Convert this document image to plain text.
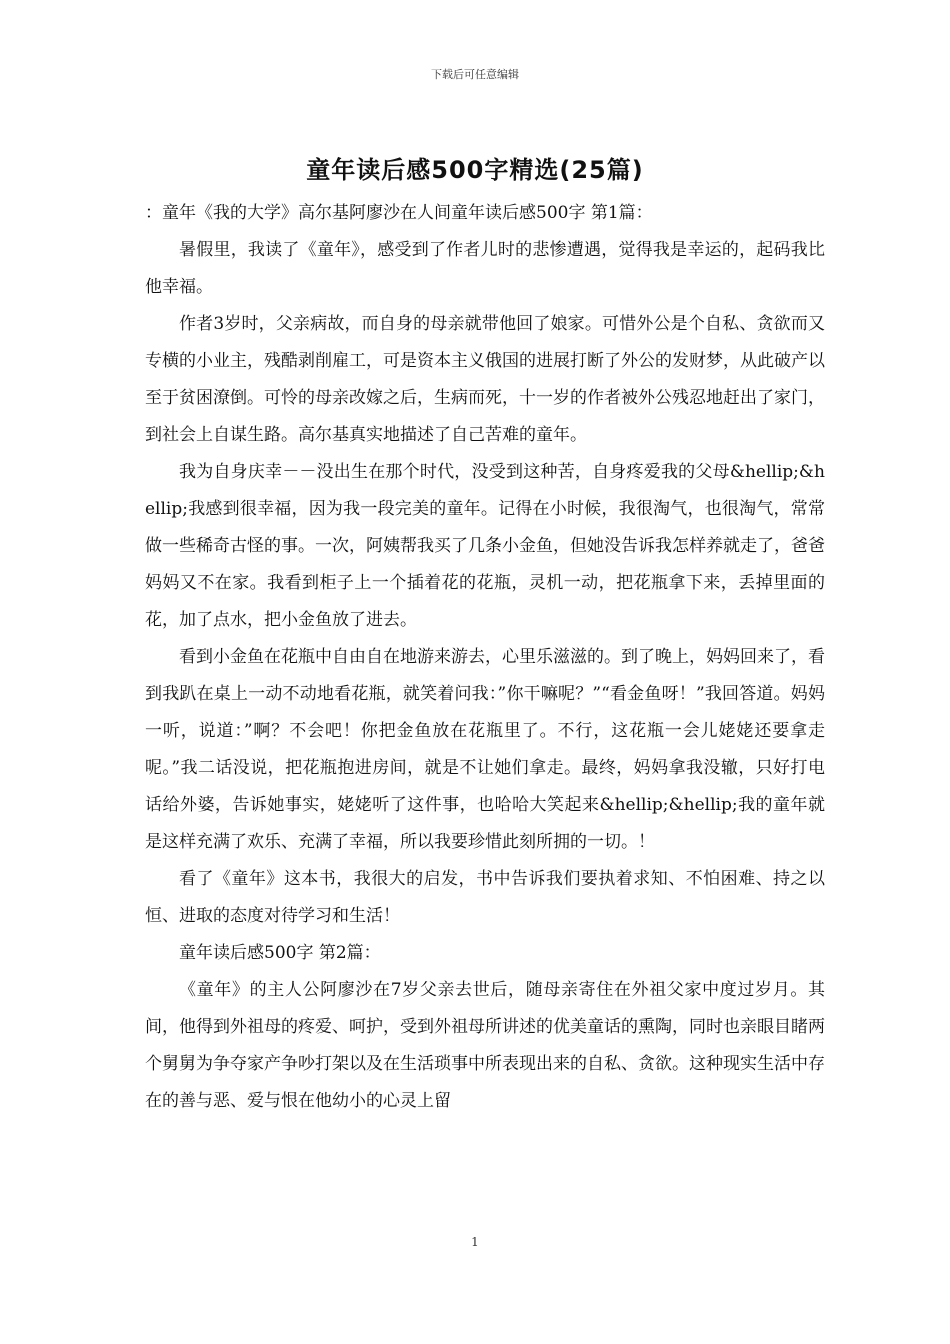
下载后可任意编辑
童年读后感500字精选(25篇)

：童年《我的大学》高尔基阿廖沙在人间童年读后感500字 第1篇：

暑假里，我读了《童年》，感受到了作者儿时的悲惨遭遇，觉得我是幸运的，起码我比他幸福。

作者3岁时，父亲病故，而自身的母亲就带他回了娘家。可惜外公是个自私、贪欲而又专横的小业主，残酷剥削雇工，可是资本主义俄国的进展打断了外公的发财梦，从此破产以至于贫困潦倒。可怜的母亲改嫁之后，生病而死，十一岁的作者被外公残忍地赶出了家门，到社会上自谋生路。高尔基真实地描述了自己苦难的童年。

我为自身庆幸－－没出生在那个时代，没受到这种苦，自身疼爱我的父母&hellip;&hellip;我感到很幸福，因为我一段完美的童年。记得在小时候，我很淘气，也很淘气，常常做一些稀奇古怪的事。一次，阿姨帮我买了几条小金鱼，但她没告诉我怎样养就走了，爸爸妈妈又不在家。我看到柜子上一个插着花的花瓶，灵机一动，把花瓶拿下来，丢掉里面的花，加了点水，把小金鱼放了进去。

看到小金鱼在花瓶中自由自在地游来游去，心里乐滋滋的。到了晚上，妈妈回来了，看到我趴在桌上一动不动地看花瓶，就笑着问我：”你干嘛呢？”“看金鱼呀！”我回答道。妈妈一听，说道：”啊？不会吧！你把金鱼放在花瓶里了。不行，这花瓶一会儿姥姥还要拿走呢。”我二话没说，把花瓶抱进房间，就是不让她们拿走。最终，妈妈拿我没辙，只好打电话给外婆，告诉她事实，姥姥听了这件事，也哈哈大笑起来&hellip;&hellip;我的童年就是这样充满了欢乐、充满了幸福，所以我要珍惜此刻所拥的一切。！

看了《童年》这本书，我很大的启发，书中告诉我们要执着求知、不怕困难、持之以恒、进取的态度对待学习和生活！

童年读后感500字 第2篇：

《童年》的主人公阿廖沙在7岁父亲去世后，随母亲寄住在外祖父家中度过岁月。其间，他得到外祖母的疼爱、呵护，受到外祖母所讲述的优美童话的熏陶，同时也亲眼目睹两个舅舅为争夺家产争吵打架以及在生活琐事中所表现出来的自私、贪欲。这种现实生活中存在的善与恶、爱与恨在他幼小的心灵上留

1
